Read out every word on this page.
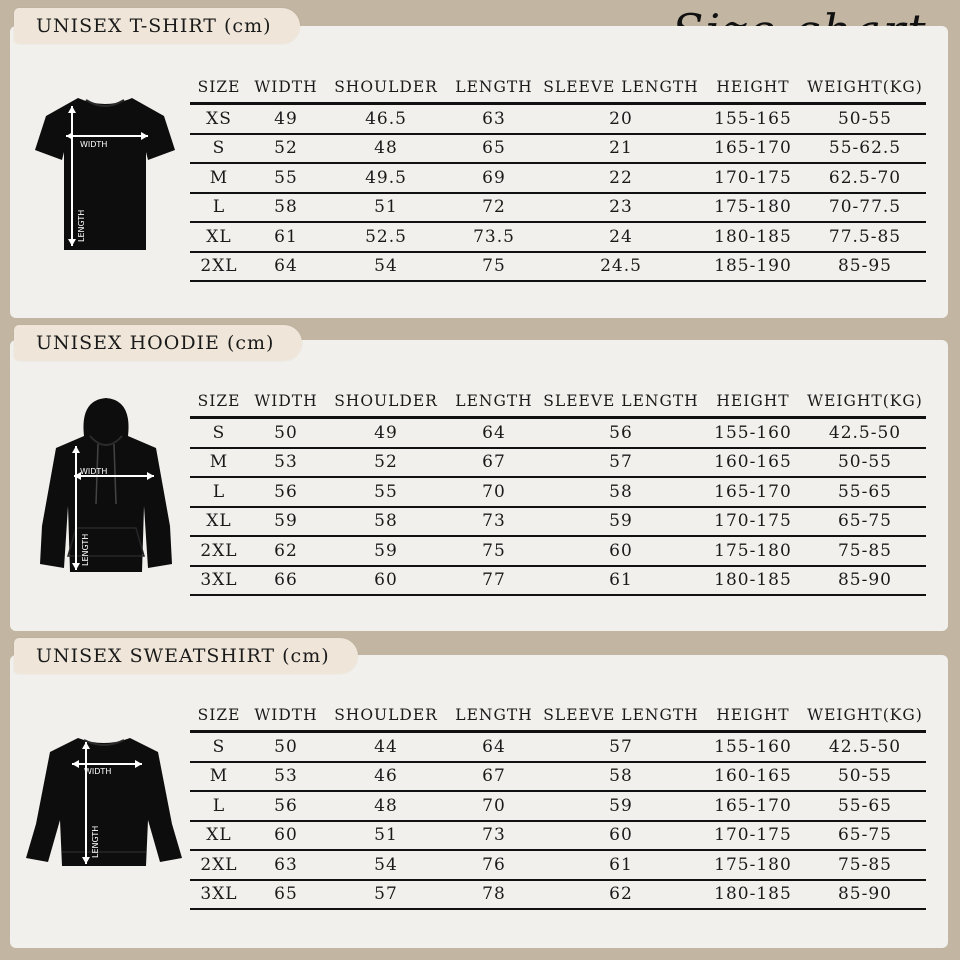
UNISEX T-SHIRT (cm)
WIDTH
LENGTH
SIZE	WIDTH	SHOULDER	LENGTH	SLEEVE LENGTH	HEIGHT	WEIGHT(KG)
XS	49	46.5	63	20	155-165	50-55
S	52	48	65	21	165-170	55-62.5
M	55	49.5	69	22	170-175	62.5-70
L	58	51	72	23	175-180	70-77.5
XL	61	52.5	73.5	24	180-185	77.5-85
2XL	64	54	75	24.5	185-190	85-95
UNISEX HOODIE (cm)
WIDTH
LENGTH
SIZE	WIDTH	SHOULDER	LENGTH	SLEEVE LENGTH	HEIGHT	WEIGHT(KG)
S	50	49	64	56	155-160	42.5-50
M	53	52	67	57	160-165	50-55
L	56	55	70	58	165-170	55-65
XL	59	58	73	59	170-175	65-75
2XL	62	59	75	60	175-180	75-85
3XL	66	60	77	61	180-185	85-90
UNISEX SWEATSHIRT (cm)
WIDTH
LENGTH
SIZE	WIDTH	SHOULDER	LENGTH	SLEEVE LENGTH	HEIGHT	WEIGHT(KG)
S	50	44	64	57	155-160	42.5-50
M	53	46	67	58	160-165	50-55
L	56	48	70	59	165-170	55-65
XL	60	51	73	60	170-175	65-75
2XL	63	54	76	61	175-180	75-85
3XL	65	57	78	62	180-185	85-90
